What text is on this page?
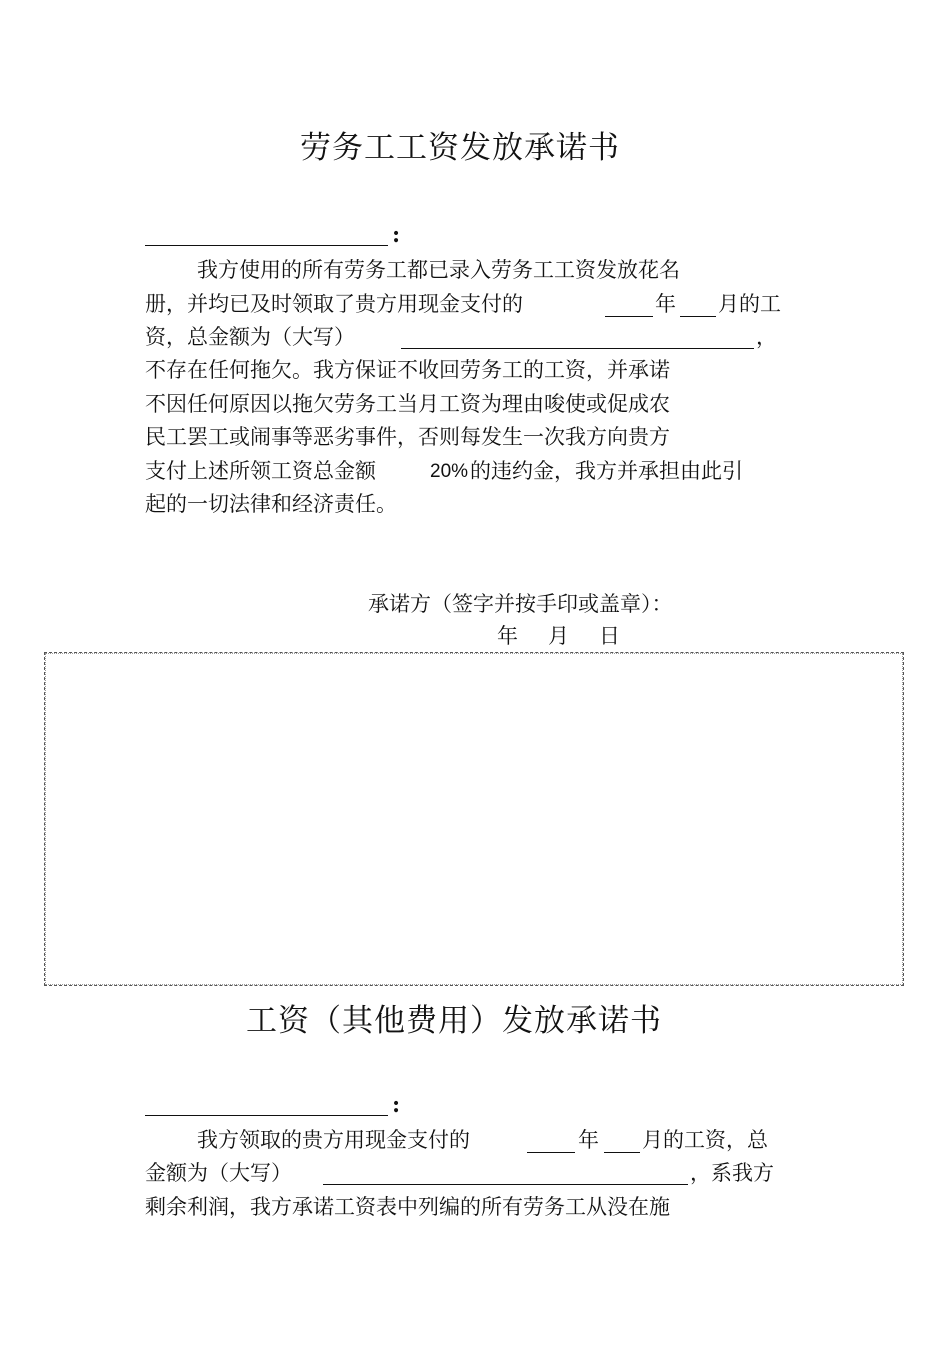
劳务工工资发放承诺书
:
我方使用的所有劳务工都已录入劳务工工资发放花名
册，并均已及时领取了贵方用现金支付的	年 月的工
资，总金额为（大写）	，
不存在任何拖欠。我方保证不收回劳务工的工资，并承诺
不因任何原因以拖欠劳务工当月工资为理由唆使或促成农
民工罢工或闹事等恶劣事件，否则每发生一次我方向贵方
支付上述所领工资总金额	20% 的违约金，我方并承担由此引
起的一切法律和经济责任。
承诺方（签字并按手印或盖章）：
年 月 日
工资（其他费用）发放承诺书
:
我方领取的贵方用现金支付的	年 月的工资，总
金额为（大写）	，系我方
剩余利润，我方承诺工资表中列编的所有劳务工从没在施
